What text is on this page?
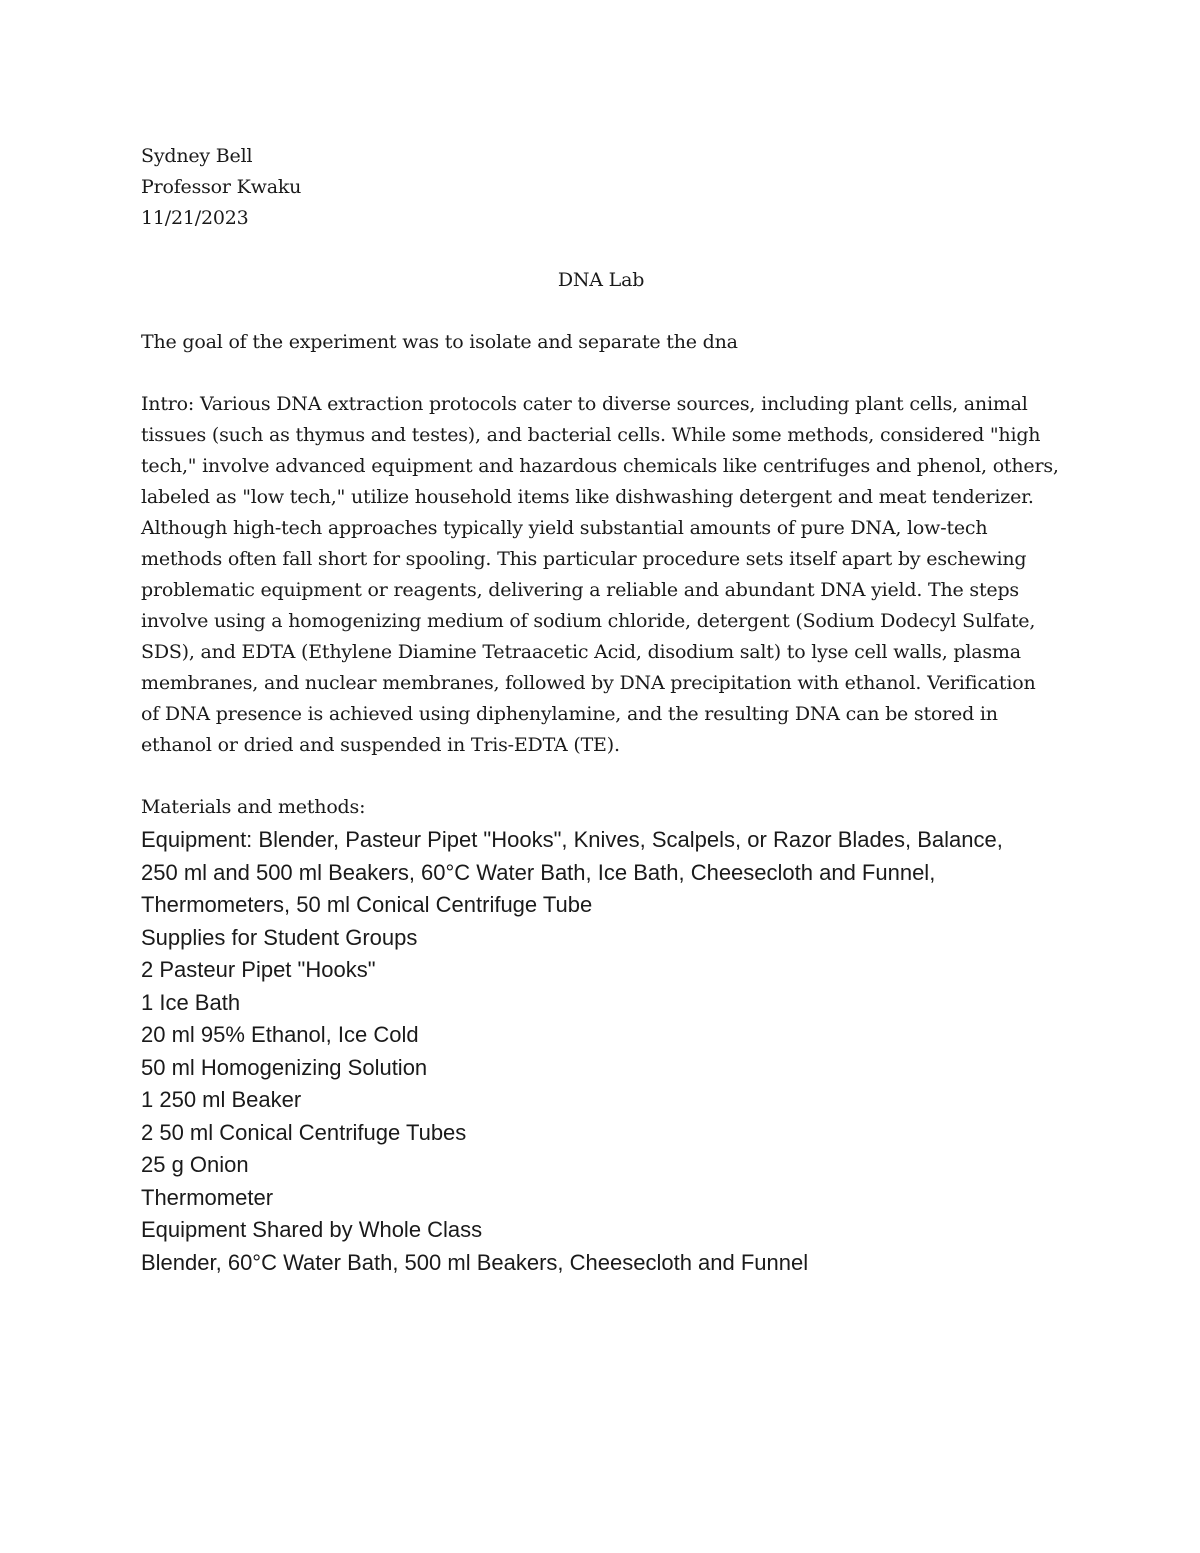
Sydney Bell
Professor Kwaku
11/21/2023
DNA Lab
The goal of the experiment was to isolate and separate the dna
Intro: Various DNA extraction protocols cater to diverse sources, including plant cells, animal
tissues (such as thymus and testes), and bacterial cells. While some methods, considered "high
tech," involve advanced equipment and hazardous chemicals like centrifuges and phenol, others,
labeled as "low tech," utilize household items like dishwashing detergent and meat tenderizer.
Although high-tech approaches typically yield substantial amounts of pure DNA, low-tech
methods often fall short for spooling. This particular procedure sets itself apart by eschewing
problematic equipment or reagents, delivering a reliable and abundant DNA yield. The steps
involve using a homogenizing medium of sodium chloride, detergent (Sodium Dodecyl Sulfate,
SDS), and EDTA (Ethylene Diamine Tetraacetic Acid, disodium salt) to lyse cell walls, plasma
membranes, and nuclear membranes, followed by DNA precipitation with ethanol. Verification
of DNA presence is achieved using diphenylamine, and the resulting DNA can be stored in
ethanol or dried and suspended in Tris-EDTA (TE).
Materials and methods:
Equipment: Blender, Pasteur Pipet "Hooks", Knives, Scalpels, or Razor Blades, Balance,
250 ml and 500 ml Beakers, 60°C Water Bath, Ice Bath, Cheesecloth and Funnel,
Thermometers, 50 ml Conical Centrifuge Tube
Supplies for Student Groups
2 Pasteur Pipet "Hooks"
1 Ice Bath
20 ml 95% Ethanol, Ice Cold
50 ml Homogenizing Solution
1 250 ml Beaker
2 50 ml Conical Centrifuge Tubes
25 g Onion
Thermometer
Equipment Shared by Whole Class
Blender, 60°C Water Bath, 500 ml Beakers, Cheesecloth and Funnel
